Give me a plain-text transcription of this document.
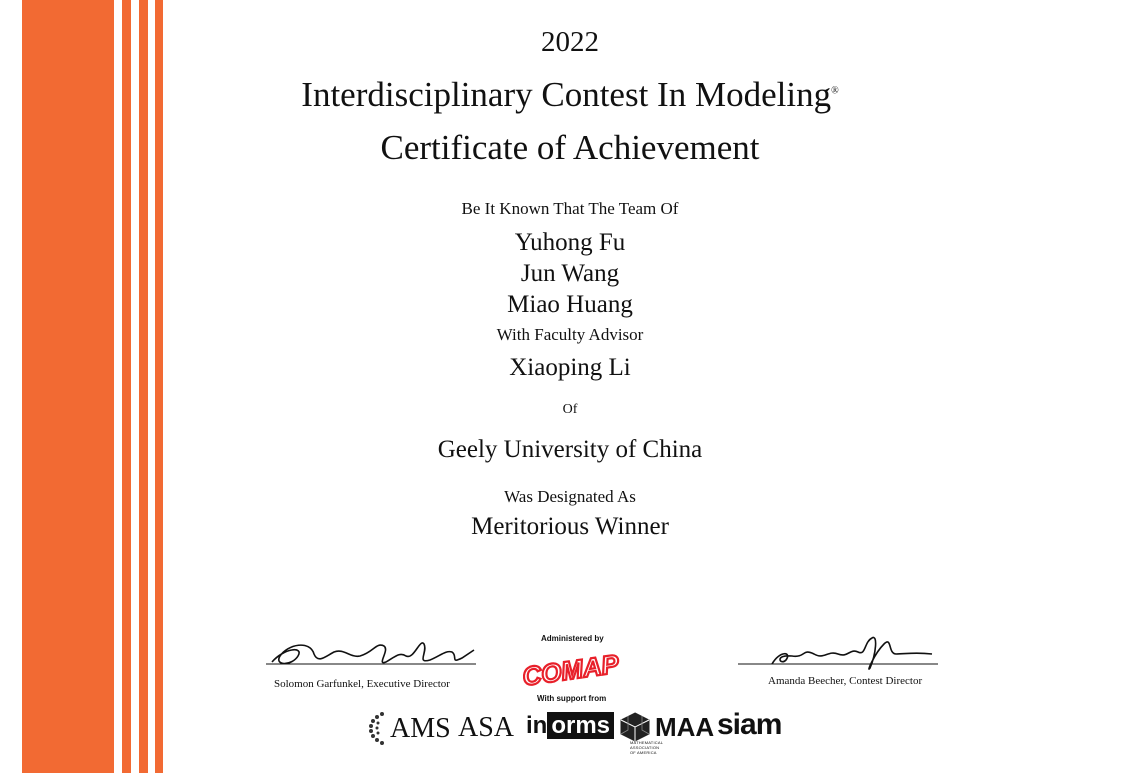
2022
Interdisciplinary Contest In Modeling®
Certificate of Achievement
Be It Known That The Team Of
Yuhong Fu
Jun Wang
Miao Huang
With Faculty Advisor
Xiaoping Li
Of
Geely University of China
Was Designated As
Meritorious Winner
Solomon Garfunkel, Executive Director	Amanda Beecher, Contest Director
Administered by
COMAP
With support from
AMS ASA in orms MAA
MATHEMATICAL ASSOCIATION OF AMERICA
siam
